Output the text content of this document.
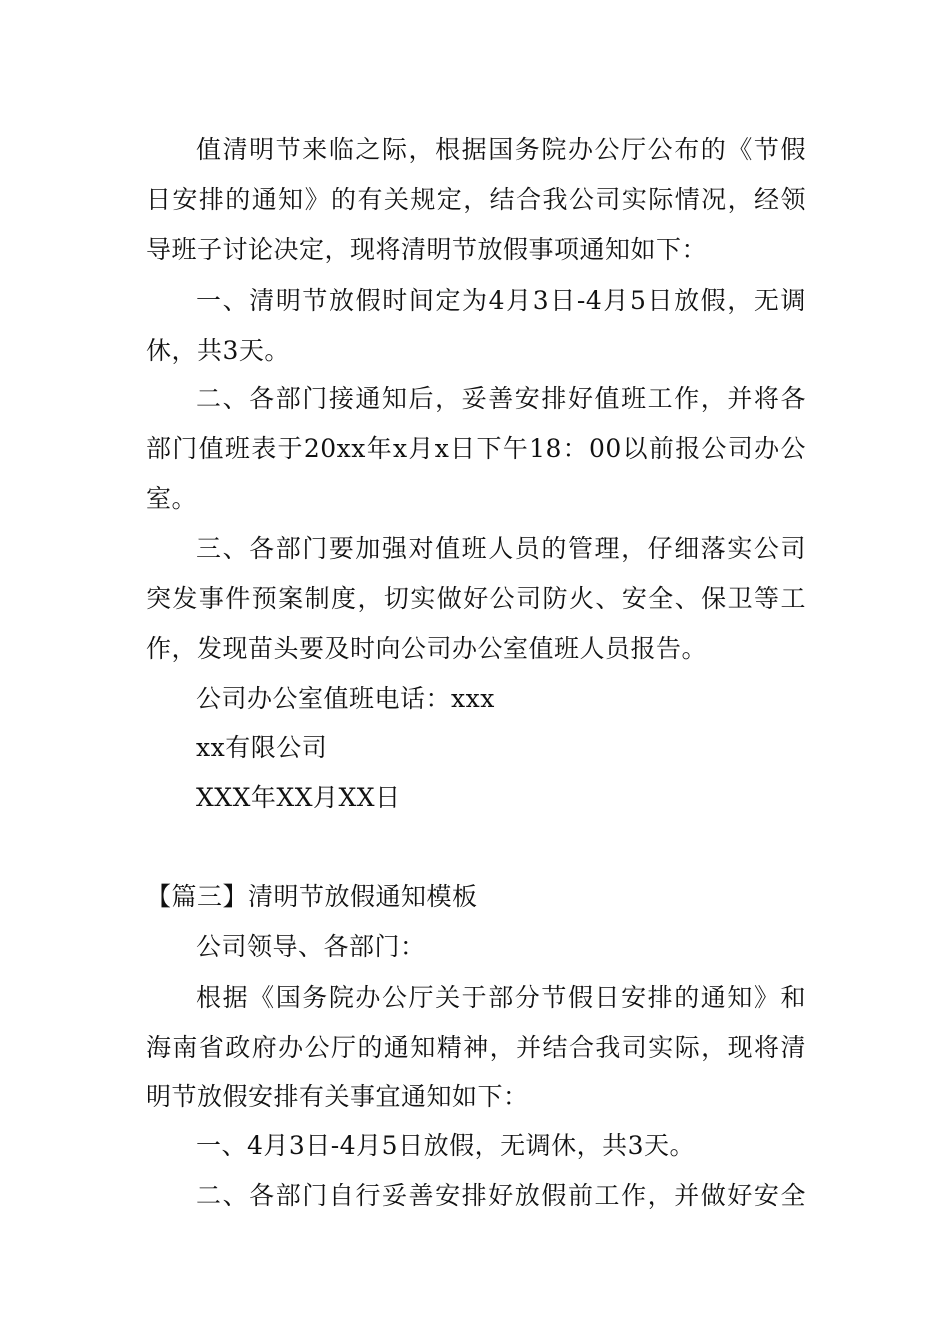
值清明节来临之际，根据国务院办公厅公布的《节假
日安排的通知》的有关规定，结合我公司实际情况，经领
导班子讨论决定，现将清明节放假事项通知如下：
一、清明节放假时间定为4月3日-4月5日放假，无调
休，共3天。
二、各部门接通知后，妥善安排好值班工作，并将各
部门值班表于20xx年x月x日下午18：00以前报公司办公
室。
三、各部门要加强对值班人员的管理，仔细落实公司
突发事件预案制度，切实做好公司防火、安全、保卫等工
作，发现苗头要及时向公司办公室值班人员报告。
公司办公室值班电话：xxx
xx有限公司
XXX年XX月XX日
【篇三】清明节放假通知模板
公司领导、各部门：
根据《国务院办公厅关于部分节假日安排的通知》和
海南省政府办公厅的通知精神，并结合我司实际，现将清
明节放假安排有关事宜通知如下：
一、4月3日-4月5日放假，无调休，共3天。
二、各部门自行妥善安排好放假前工作，并做好安全
